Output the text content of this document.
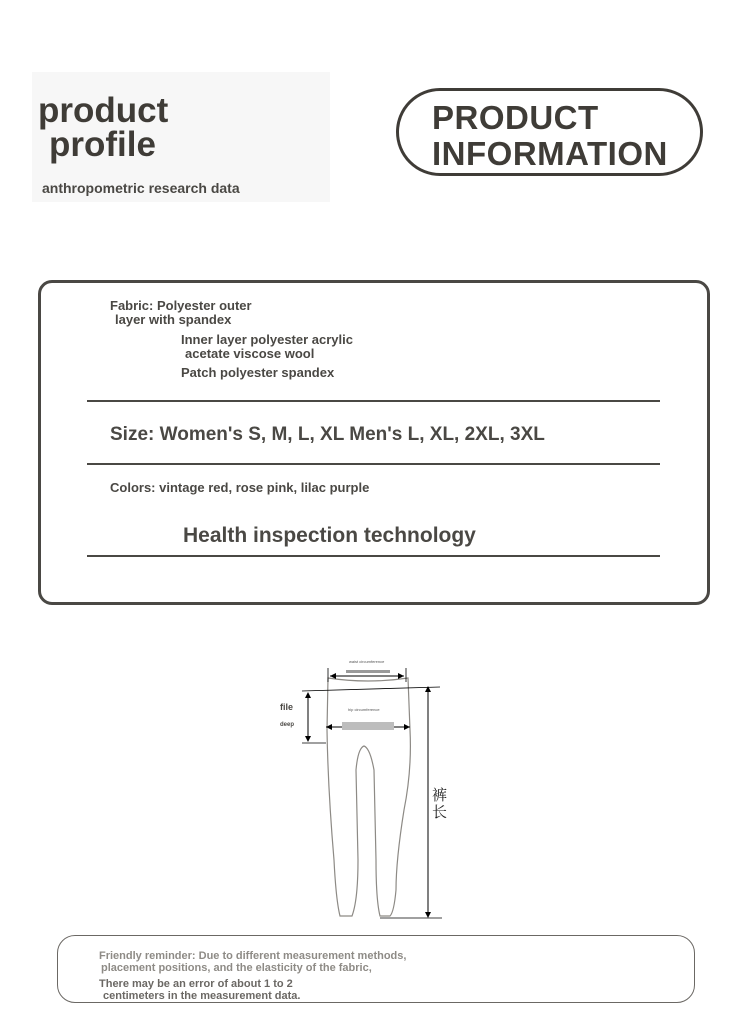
product
profile
anthropometric research data
PRODUCT
INFORMATION
Fabric: Polyester outer
layer with spandex
Inner layer polyester acrylic
acetate viscose wool
Patch polyester spandex
Size: Women's S, M, L, XL Men's L, XL, 2XL, 3XL
Colors: vintage red, rose pink, lilac purple
Health inspection technology
hip circumference
waist circumference
file
deep
裤
长
Friendly reminder: Due to different measurement methods,
placement positions, and the elasticity of the fabric,
There may be an error of about 1 to 2
centimeters in the measurement data.
